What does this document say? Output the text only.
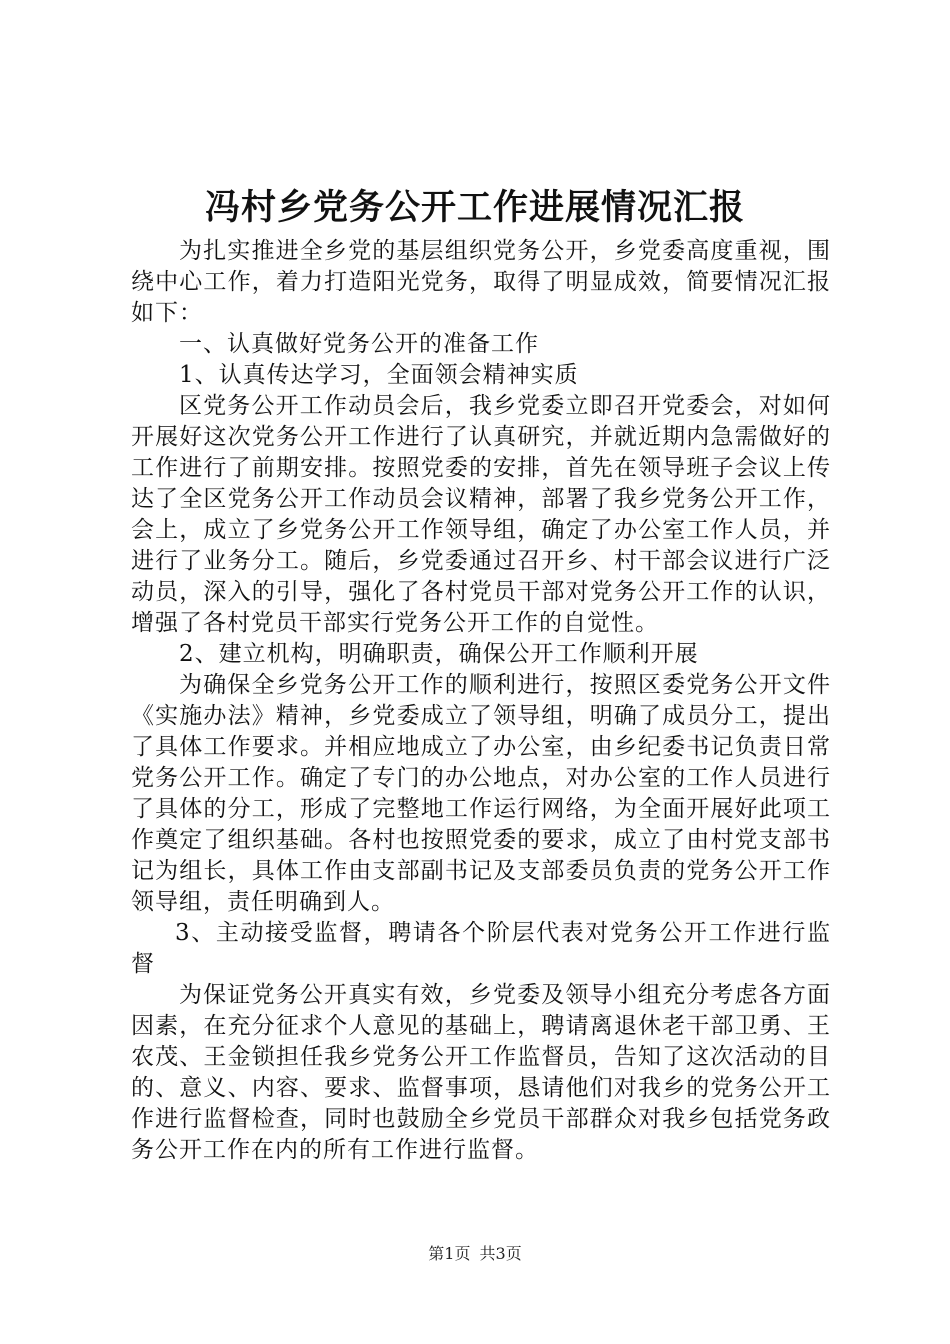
冯村乡党务公开工作进展情况汇报

为扎实推进全乡党的基层组织党务公开，乡党委高度重视，围绕中心工作，着力打造阳光党务，取得了明显成效，简要情况汇报如下：

一、认真做好党务公开的准备工作

1、认真传达学习，全面领会精神实质

区党务公开工作动员会后，我乡党委立即召开党委会，对如何开展好这次党务公开工作进行了认真研究，并就近期内急需做好的工作进行了前期安排。按照党委的安排，首先在领导班子会议上传达了全区党务公开工作动员会议精神，部署了我乡党务公开工作，会上，成立了乡党务公开工作领导组，确定了办公室工作人员，并进行了业务分工。随后，乡党委通过召开乡、村干部会议进行广泛动员，深入的引导，强化了各村党员干部对党务公开工作的认识，增强了各村党员干部实行党务公开工作的自觉性。

2、建立机构，明确职责，确保公开工作顺利开展

为确保全乡党务公开工作的顺利进行，按照区委党务公开文件《实施办法》精神，乡党委成立了领导组，明确了成员分工，提出了具体工作要求。并相应地成立了办公室，由乡纪委书记负责日常党务公开工作。确定了专门的办公地点，对办公室的工作人员进行了具体的分工，形成了完整地工作运行网络，为全面开展好此项工作奠定了组织基础。各村也按照党委的要求，成立了由村党支部书记为组长，具体工作由支部副书记及支部委员负责的党务公开工作领导组，责任明确到人。

3、主动接受监督，聘请各个阶层代表对党务公开工作进行监督

为保证党务公开真实有效，乡党委及领导小组充分考虑各方面因素，在充分征求个人意见的基础上，聘请离退休老干部卫勇、王农茂、王金锁担任我乡党务公开工作监督员，告知了这次活动的目的、意义、内容、要求、监督事项，恳请他们对我乡的党务公开工作进行监督检查，同时也鼓励全乡党员干部群众对我乡包括党务政务公开工作在内的所有工作进行监督。

第1页 共3页
